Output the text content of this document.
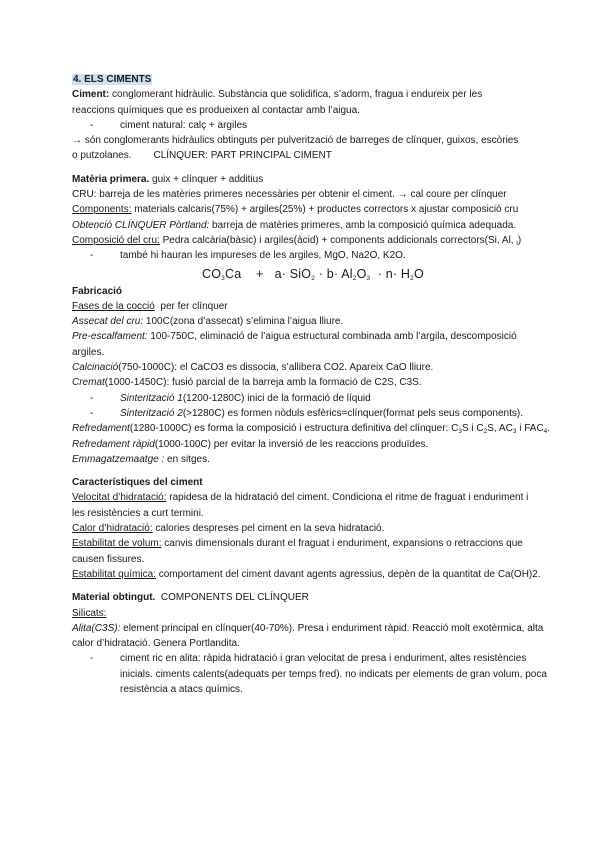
4. ELS CIMENTS
Ciment: conglomerant hidràulic. Substància que solidifica, s’adorm, fragua i endureix per les
reaccions químiques que es produeixen al contactar amb l’aigua.
-	ciment natural: calç + argiles
→ són conglomerants hidràulics obtinguts per pulverització de barreges de clínquer, guixos, escòries
o putzolanes. CLÍNQUER: PART PRINCIPAL CIMENT
Matèria primera. guix + clínquer + additius
CRU: barreja de les matèries primeres necessàries per obtenir el ciment. → cal coure per clínquer
Components: materials calcaris(75%) + argiles(25%) + productes correctors x ajustar composició cru
Obtenció CLÍNQUER Pòrtland: barreja de matèries primeres, amb la composició química adequada.
Composició del cru: Pedra calcària(bàsic) i argiles(àcid) + components addicionals correctors(Si, Al, $_l$)
-	també hi hauran les impureses de les argiles, MgO, Na2O, K2O.
$CO_3Ca$    +   $a\cdot SiO_2 \cdot b\cdot Al_2O_3 \cdot n\cdot H_2O$
Fabricació
Fases de la cocció  per fer clínquer
Assecat del cru: 100C(zona d’assecat) s’elimina l’aigua lliure.
Pre-escalfament: 100-750C, eliminació de l’aigua estructural combinada amb l’argila, descomposició
argiles.
Calcinació(750-1000C): el CaCO3 es dissocia, s’allibera CO2. Apareix CaO lliure.
Cremat(1000-1450C): fusió parcial de la barreja amb la formació de C2S, C3S.
-	Sinterització 1(1200-1280C) inici de la formació de líquid
-	Sinterització 2(>1280C) es formen nòduls esfèrics=clínquer(format pels seus components).
Refredament(1280-1000C) es forma la composició i estructura definitiva del clínquer: $C_3S$ i $C_2S$, $AC_3$ i $FAC_4$.
Refredament ràpid(1000-100C) per evitar la inversió de les reaccions produïdes.
Emmagatzemaatge : en sitges.
Característiques del ciment
Velocitat d’hidratació: rapidesa de la hidratació del ciment. Condiciona el ritme de fraguat i enduriment i
les resistències a curt termini.
Calor d’hidratació: calories despreses pel ciment en la seva hidratació.
Estabilitat de volum: canvis dimensionals durant el fraguat i enduriment, expansions o retraccions que
causen fissures.
Estabilitat química: comportament del ciment davant agents agressius, depèn de la quantitat de Ca(OH)2.
Material obtingut.  COMPONENTS DEL CLÍNQUER
Silicats:
Alita(C3S): element principal en clínquer(40-70%). Presa i enduriment ràpid. Reacció molt exotèrmica, alta
calor d’hidratació. Genera Portlandita.
-	ciment ric en alita: ràpida hidratació i gran velocitat de presa i enduriment, altes resistències
inicials. ciments calents(adequats per temps fred). no indicats per elements de gran volum, poca
resistència a atacs químics.
